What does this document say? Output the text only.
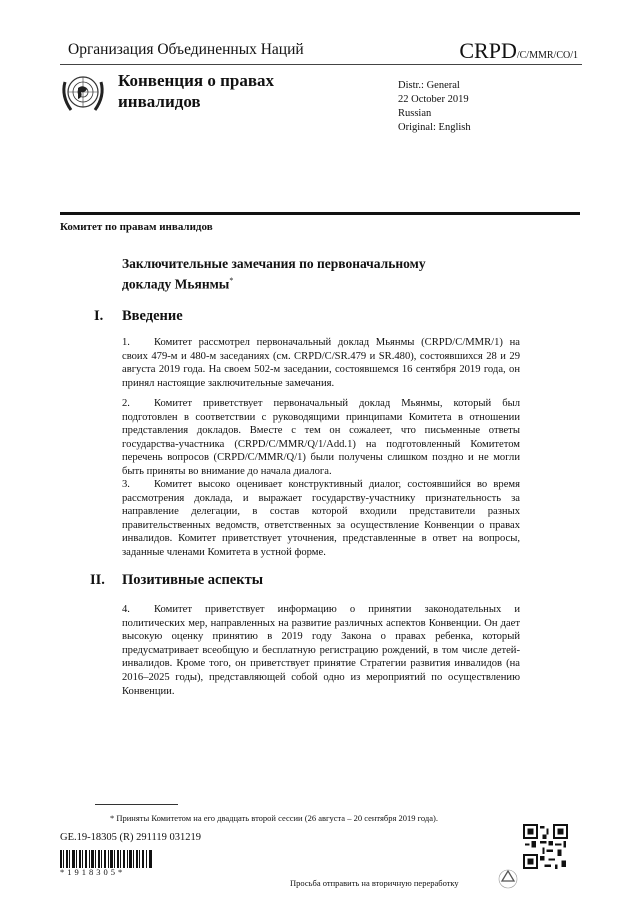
Организация Объединенных Наций	CRPD/C/MMR/CO/1
Конвенция о правах
инвалидов
Distr.: General
22 October 2019
Russian
Original: English
Комитет по правам инвалидов
Заключительные замечания по первоначальному
докладу Мьянмы*
I. Введение
1. Комитет рассмотрел первоначальный доклад Мьянмы (CRPD/C/MMR/1) на своих 479-м и 480-м заседаниях (см. CRPD/C/SR.479 и SR.480), состоявшихся 28 и 29 августа 2019 года. На своем 502-м заседании, состоявшемся 16 сентября 2019 года, он принял настоящие заключительные замечания.
2. Комитет приветствует первоначальный доклад Мьянмы, который был подготовлен в соответствии с руководящими принципами Комитета в отношении представления докладов. Вместе с тем он сожалеет, что письменные ответы государства-участника (CRPD/C/MMR/Q/1/Add.1) на подготовленный Комитетом перечень вопросов (CRPD/C/MMR/Q/1) были получены слишком поздно и не могли быть приняты во внимание до начала диалога.
3. Комитет высоко оценивает конструктивный диалог, состоявшийся во время рассмотрения доклада, и выражает государству-участнику признательность за направление делегации, в состав которой входили представители разных правительственных ведомств, ответственных за осуществление Конвенции о правах инвалидов. Комитет приветствует уточнения, представленные в ответ на вопросы, заданные членами Комитета в устной форме.
II. Позитивные аспекты
4. Комитет приветствует информацию о принятии законодательных и политических мер, направленных на развитие различных аспектов Конвенции. Он дает высокую оценку принятию в 2019 году Закона о правах ребенка, который предусматривает всеобщую и бесплатную регистрацию рождений, в том числе детей-инвалидов. Кроме того, он приветствует принятие Стратегии развития инвалидов (на 2016–2025 годы), представляющей собой одно из мероприятий по осуществлению Конвенции.
* Приняты Комитетом на его двадцать второй сессии (26 августа – 20 сентября 2019 года).
GE.19-18305 (R) 291119 031219
*1918305*
Просьба отправить на вторичную переработку
